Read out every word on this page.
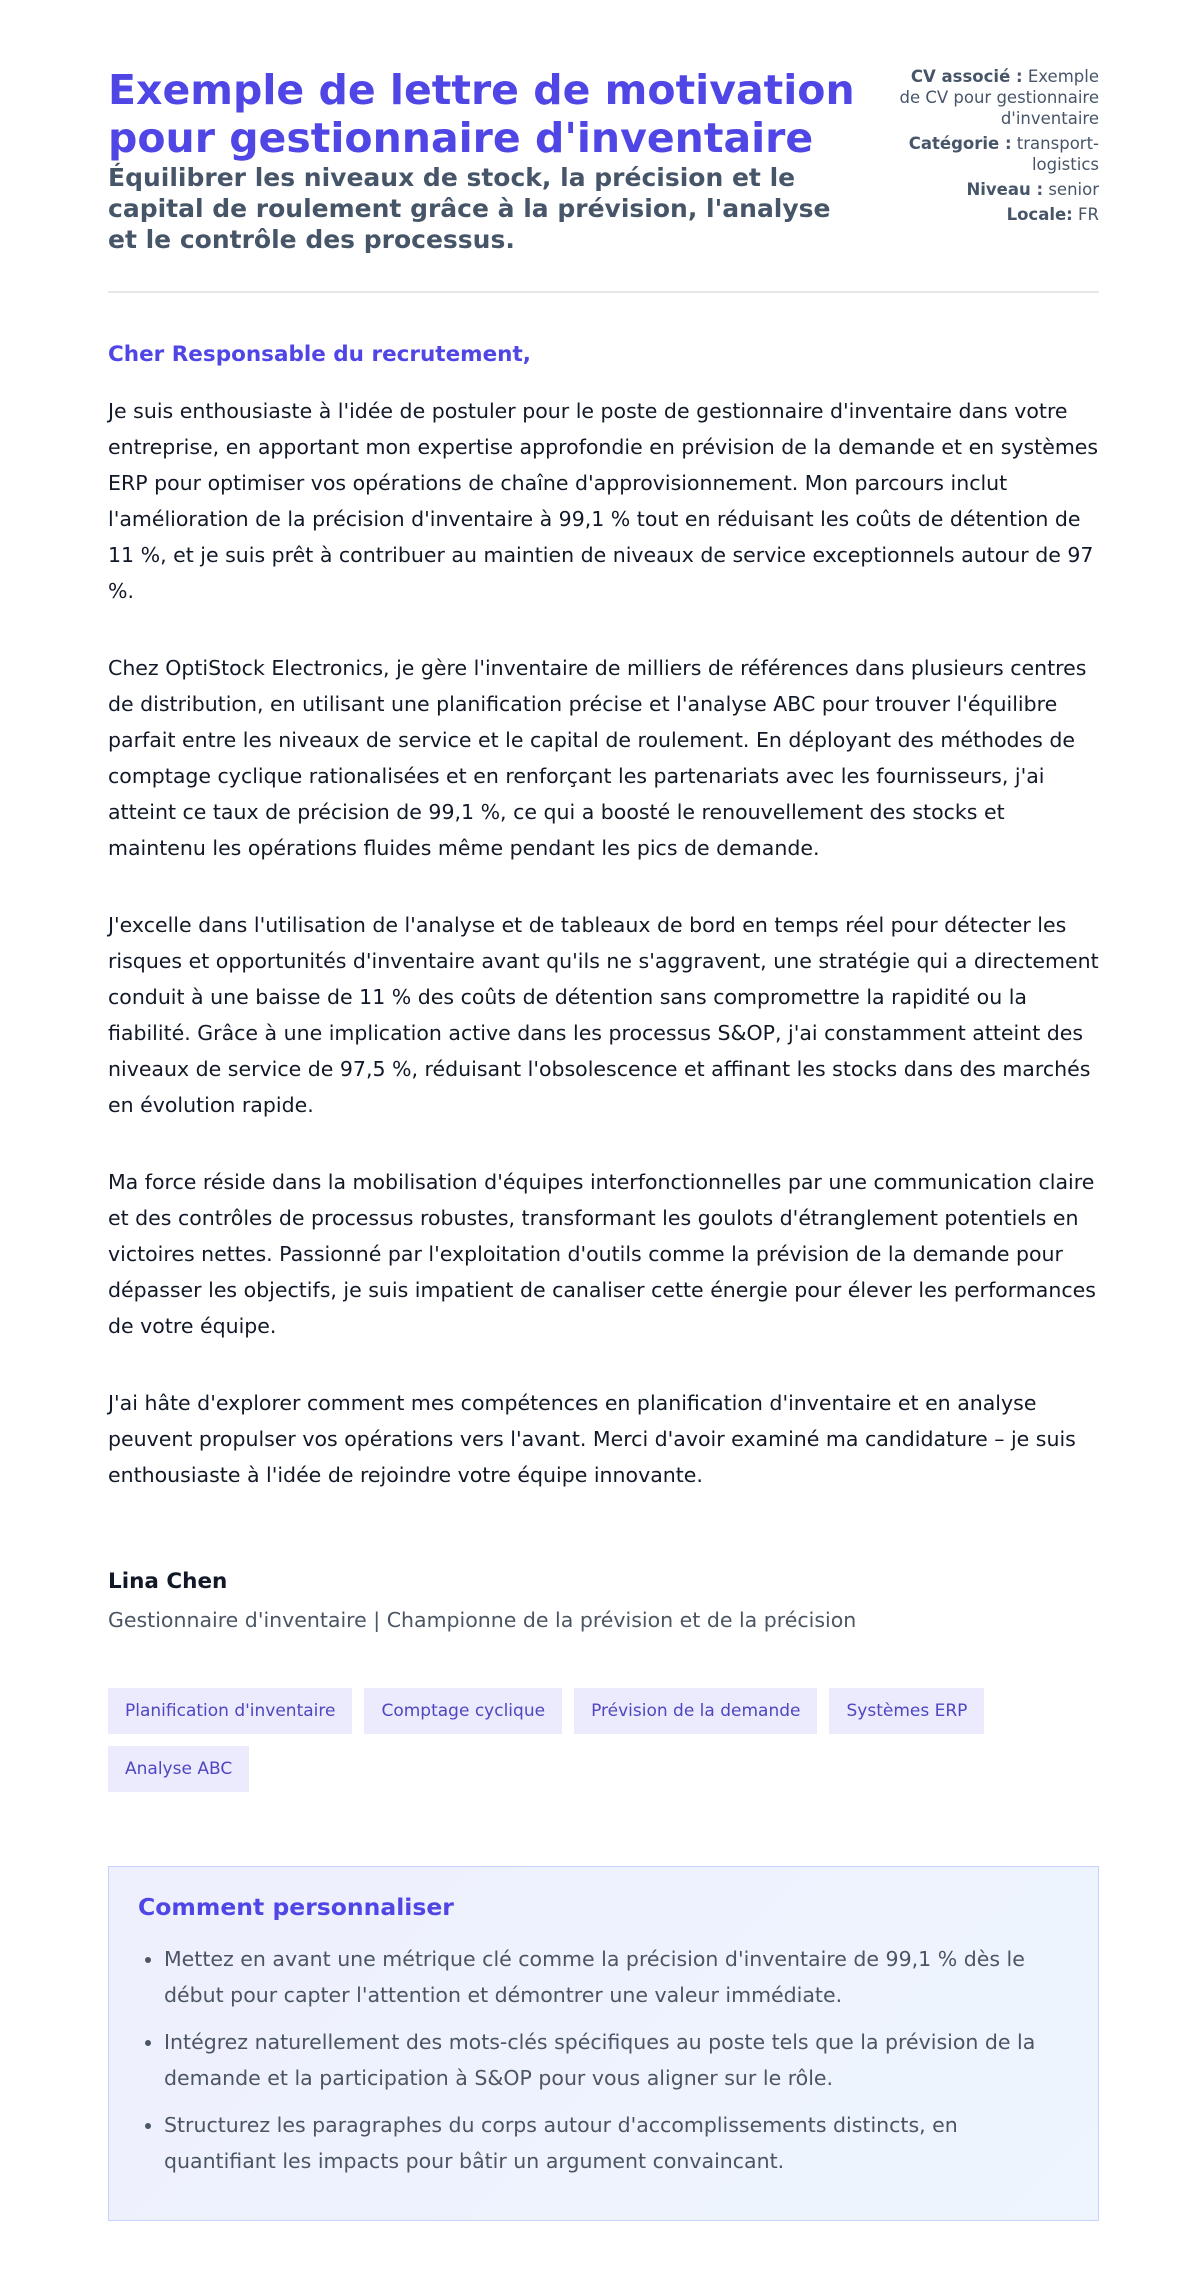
Exemple de lettre de motivation pour gestionnaire d'inventaire
Équilibrer les niveaux de stock, la précision et le capital de roulement grâce à la prévision, l'analyse et le contrôle des processus.

CV associé : Exemple de CV pour gestionnaire d'inventaire

Catégorie : transport-logistics

Niveau : senior

Locale: FR

Cher Responsable du recrutement,

Je suis enthousiaste à l'idée de postuler pour le poste de gestionnaire d'inventaire dans votre entreprise, en apportant mon expertise approfondie en prévision de la demande et en systèmes ERP pour optimiser vos opérations de chaîne d'approvisionnement. Mon parcours inclut l'amélioration de la précision d'inventaire à 99,1 % tout en réduisant les coûts de détention de 11 %, et je suis prêt à contribuer au maintien de niveaux de service exceptionnels autour de 97 %.

Chez OptiStock Electronics, je gère l'inventaire de milliers de références dans plusieurs centres de distribution, en utilisant une planification précise et l'analyse ABC pour trouver l'équilibre parfait entre les niveaux de service et le capital de roulement. En déployant des méthodes de comptage cyclique rationalisées et en renforçant les partenariats avec les fournisseurs, j'ai atteint ce taux de précision de 99,1 %, ce qui a boosté le renouvellement des stocks et maintenu les opérations fluides même pendant les pics de demande.

J'excelle dans l'utilisation de l'analyse et de tableaux de bord en temps réel pour détecter les risques et opportunités d'inventaire avant qu'ils ne s'aggravent, une stratégie qui a directement conduit à une baisse de 11 % des coûts de détention sans compromettre la rapidité ou la fiabilité. Grâce à une implication active dans les processus S&OP, j'ai constamment atteint des niveaux de service de 97,5 %, réduisant l'obsolescence et affinant les stocks dans des marchés en évolution rapide.

Ma force réside dans la mobilisation d'équipes interfonctionnelles par une communication claire et des contrôles de processus robustes, transformant les goulots d'étranglement potentiels en victoires nettes. Passionné par l'exploitation d'outils comme la prévision de la demande pour dépasser les objectifs, je suis impatient de canaliser cette énergie pour élever les performances de votre équipe.

J'ai hâte d'explorer comment mes compétences en planification d'inventaire et en analyse peuvent propulser vos opérations vers l'avant. Merci d'avoir examiné ma candidature – je suis enthousiaste à l'idée de rejoindre votre équipe innovante.

Lina Chen
Gestionnaire d'inventaire | Championne de la prévision et de la précision
Planification d'inventaire	Comptage cyclique	Prévision de la demande	Systèmes ERP
Analyse ABC
Comment personnaliser
• Mettez en avant une métrique clé comme la précision d'inventaire de 99,1 % dès le début pour capter l'attention et démontrer une valeur immédiate.
• Intégrez naturellement des mots-clés spécifiques au poste tels que la prévision de la demande et la participation à S&OP pour vous aligner sur le rôle.
• Structurez les paragraphes du corps autour d'accomplissements distincts, en quantifiant les impacts pour bâtir un argument convaincant.
